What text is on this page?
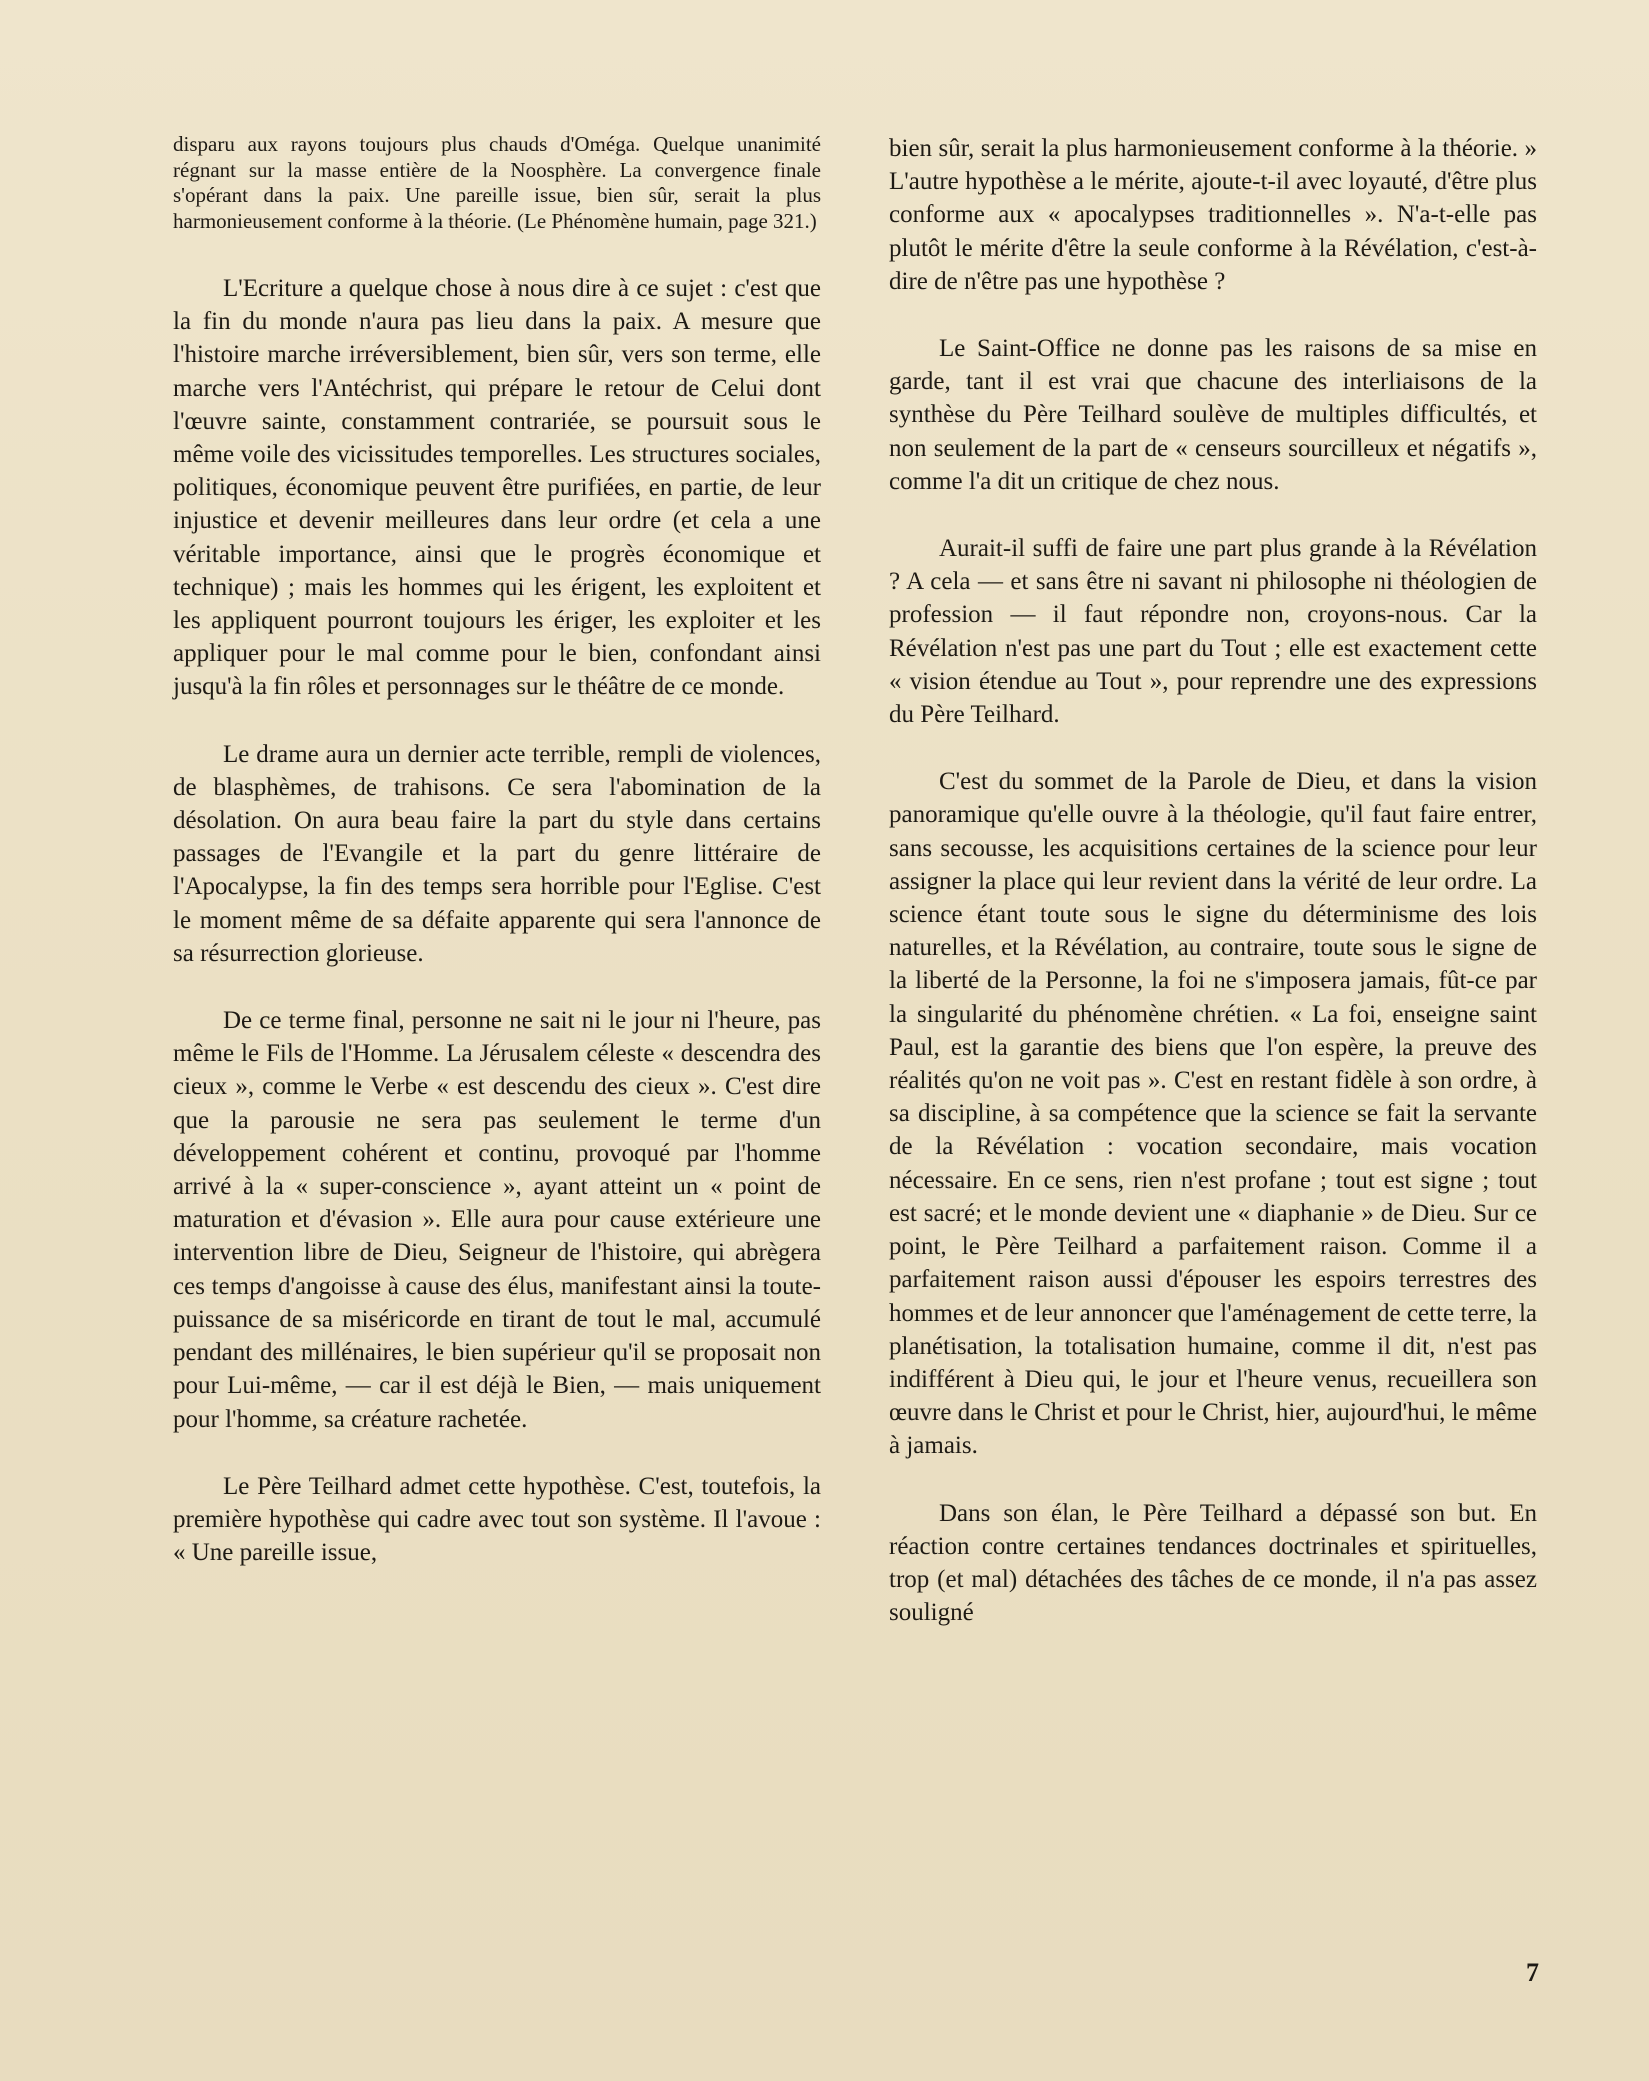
disparu aux rayons toujours plus chauds d'Oméga. Quelque unanimité régnant sur la masse entière de la Noosphère. La convergence finale s'opérant dans la paix. Une pareille issue, bien sûr, serait la plus harmonieusement conforme à la théorie. (Le Phénomène humain, page 321.)

L'Ecriture a quelque chose à nous dire à ce sujet : c'est que la fin du monde n'aura pas lieu dans la paix. A mesure que l'histoire marche irréversiblement, bien sûr, vers son terme, elle marche vers l'Antéchrist, qui prépare le retour de Celui dont l'œuvre sainte, constamment contrariée, se poursuit sous le même voile des vicissitudes temporelles. Les structures sociales, politiques, économique peuvent être purifiées, en partie, de leur injustice et devenir meilleures dans leur ordre (et cela a une véritable importance, ainsi que le progrès économique et technique) ; mais les hommes qui les érigent, les exploitent et les appliquent pourront toujours les ériger, les exploiter et les appliquer pour le mal comme pour le bien, confondant ainsi jusqu'à la fin rôles et personnages sur le théâtre de ce monde.

Le drame aura un dernier acte terrible, rempli de violences, de blasphèmes, de trahisons. Ce sera l'abomination de la désolation. On aura beau faire la part du style dans certains passages de l'Evangile et la part du genre littéraire de l'Apocalypse, la fin des temps sera horrible pour l'Eglise. C'est le moment même de sa défaite apparente qui sera l'annonce de sa résurrection glorieuse.

De ce terme final, personne ne sait ni le jour ni l'heure, pas même le Fils de l'Homme. La Jérusalem céleste « descendra des cieux », comme le Verbe « est descendu des cieux ». C'est dire que la parousie ne sera pas seulement le terme d'un développement cohérent et continu, provoqué par l'homme arrivé à la « super-conscience », ayant atteint un « point de maturation et d'évasion ». Elle aura pour cause extérieure une intervention libre de Dieu, Seigneur de l'histoire, qui abrègera ces temps d'angoisse à cause des élus, manifestant ainsi la toute-puissance de sa miséricorde en tirant de tout le mal, accumulé pendant des millénaires, le bien supérieur qu'il se proposait non pour Lui-même, — car il est déjà le Bien, — mais uniquement pour l'homme, sa créature rachetée.

Le Père Teilhard admet cette hypothèse. C'est, toutefois, la première hypothèse qui cadre avec tout son système. Il l'avoue : « Une pareille issue,

bien sûr, serait la plus harmonieusement conforme à la théorie. » L'autre hypothèse a le mérite, ajoute-t-il avec loyauté, d'être plus conforme aux « apocalypses traditionnelles ». N'a-t-elle pas plutôt le mérite d'être la seule conforme à la Révélation, c'est-à-dire de n'être pas une hypothèse ?

Le Saint-Office ne donne pas les raisons de sa mise en garde, tant il est vrai que chacune des interliaisons de la synthèse du Père Teilhard soulève de multiples difficultés, et non seulement de la part de « censeurs sourcilleux et négatifs », comme l'a dit un critique de chez nous.

Aurait-il suffi de faire une part plus grande à la Révélation ? A cela — et sans être ni savant ni philosophe ni théologien de profession — il faut répondre non, croyons-nous. Car la Révélation n'est pas une part du Tout ; elle est exactement cette « vision étendue au Tout », pour reprendre une des expressions du Père Teilhard.

C'est du sommet de la Parole de Dieu, et dans la vision panoramique qu'elle ouvre à la théologie, qu'il faut faire entrer, sans secousse, les acquisitions certaines de la science pour leur assigner la place qui leur revient dans la vérité de leur ordre. La science étant toute sous le signe du déterminisme des lois naturelles, et la Révélation, au contraire, toute sous le signe de la liberté de la Personne, la foi ne s'imposera jamais, fût-ce par la singularité du phénomène chrétien. « La foi, enseigne saint Paul, est la garantie des biens que l'on espère, la preuve des réalités qu'on ne voit pas ». C'est en restant fidèle à son ordre, à sa discipline, à sa compétence que la science se fait la servante de la Révélation : vocation secondaire, mais vocation nécessaire. En ce sens, rien n'est profane ; tout est signe ; tout est sacré; et le monde devient une « diaphanie » de Dieu. Sur ce point, le Père Teilhard a parfaitement raison. Comme il a parfaitement raison aussi d'épouser les espoirs terrestres des hommes et de leur annoncer que l'aménagement de cette terre, la planétisation, la totalisation humaine, comme il dit, n'est pas indifférent à Dieu qui, le jour et l'heure venus, recueillera son œuvre dans le Christ et pour le Christ, hier, aujourd'hui, le même à jamais.

Dans son élan, le Père Teilhard a dépassé son but. En réaction contre certaines tendances doctrinales et spirituelles, trop (et mal) détachées des tâches de ce monde, il n'a pas assez souligné

7
